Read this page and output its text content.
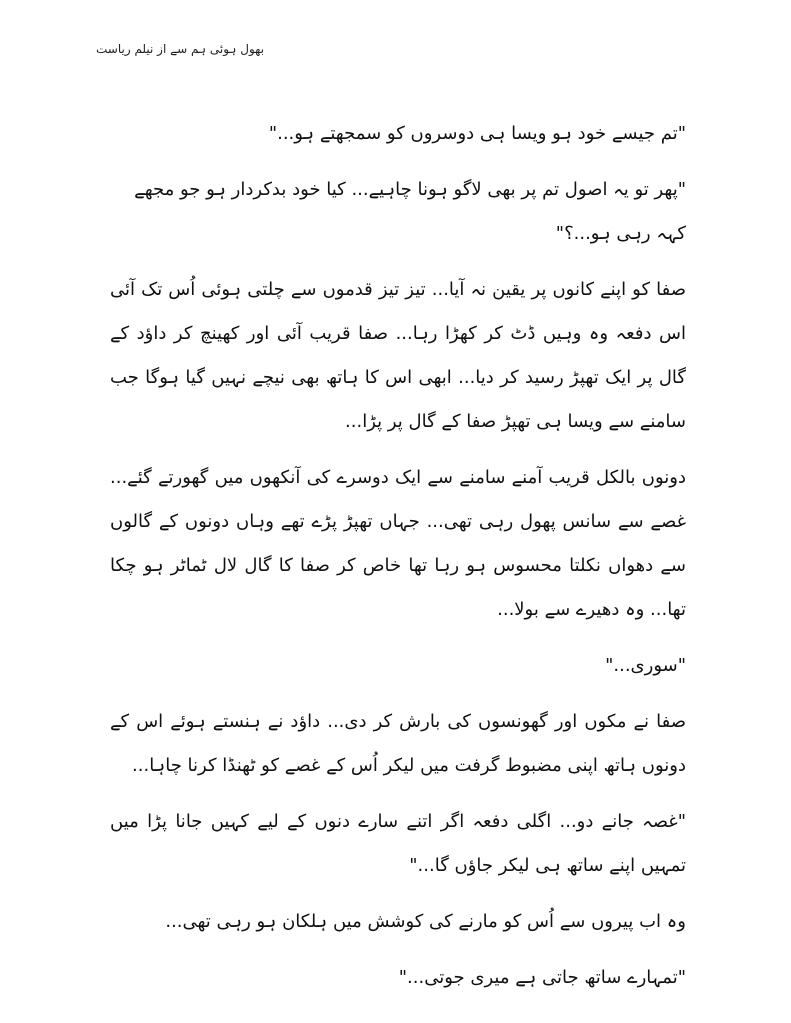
بھول ہوئی ہم سے از نیلم ریاست

"تم جیسے خود ہو ویسا ہی دوسروں کو سمجھتے ہو..."

"پھر تو یہ اصول تم پر بھی لاگو ہونا چاہیے... کیا خود بدکردار ہو جو مجھے کہہ رہی ہو...؟"

صفا کو اپنے کانوں پر یقین نہ آیا... تیز تیز قدموں سے چلتی ہوئی اُس تک آئی اس دفعہ وہ وہیں ڈٹ کر کھڑا رہا... صفا قریب آئی اور کھینچ کر داؤد کے گال پر ایک تھپڑ رسید کر دیا... ابھی اس کا ہاتھ بھی نیچے نہیں گیا ہوگا جب سامنے سے ویسا ہی تھپڑ صفا کے گال پر پڑا...

دونوں بالکل قریب آمنے سامنے سے ایک دوسرے کی آنکھوں میں گھورتے گئے... غصے سے سانس پھول رہی تھی... جہاں تھپڑ پڑے تھے وہاں دونوں کے گالوں سے دھواں نکلتا محسوس ہو رہا تھا خاص کر صفا کا گال لال ٹماٹر ہو چکا تھا... وہ دھیرے سے بولا...

"سوری..."

صفا نے مکوں اور گھونسوں کی بارش کر دی... داؤد نے ہنستے ہوئے اس کے دونوں ہاتھ اپنی مضبوط گرفت میں لیکر اُس کے غصے کو ٹھنڈا کرنا چاہا...

"غصہ جانے دو... اگلی دفعہ اگر اتنے سارے دنوں کے لیے کہیں جانا پڑا میں تمہیں اپنے ساتھ ہی لیکر جاؤں گا..."

وہ اب پیروں سے اُس کو مارنے کی کوشش میں ہلکان ہو رہی تھی...

"تمہارے ساتھ جاتی ہے میری جوتی..."
